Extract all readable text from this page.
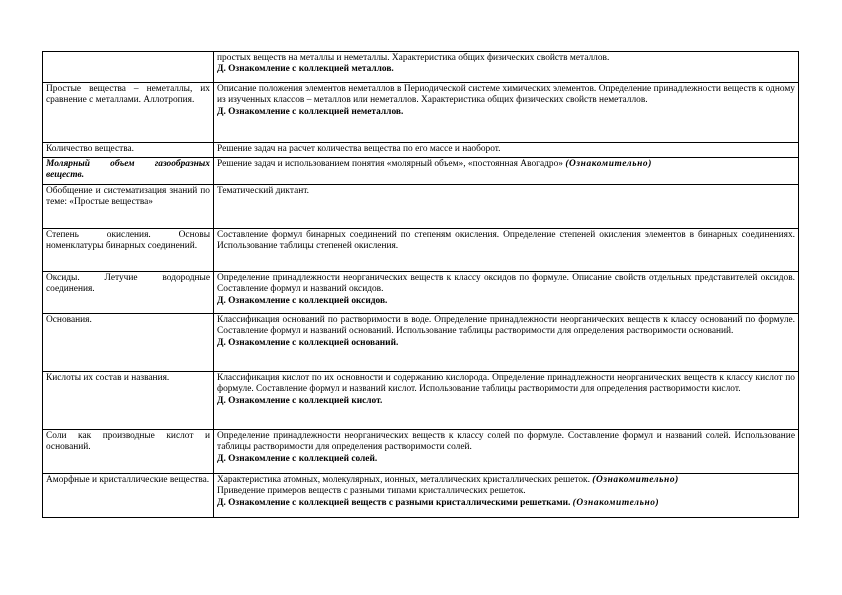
	простых веществ на металлы и неметаллы. Характеристика общих физических свойств металлов.
Д. Ознакомление с коллекцией металлов.

Простые вещества – неметаллы, их сравнение с металлами. Аллотропия.	Описание положения элементов неметаллов в Периодической системе химических элементов. Определение принадлежности веществ к одному из изученных классов – металлов или неметаллов. Характеристика общих физических свойств неметаллов.
Д. Ознакомление с коллекцией неметаллов.

Количество вещества.	Решение задач на расчет количества вещества по его массе и наоборот.

Молярный объем газообразных веществ.	Решение задач и использованием понятия «молярный объем», «постоянная Авогадро» (Ознакомительно)
Обобщение и систематизация знаний по теме: «Простые вещества»	Тематический диктант.

Степень окисления. Основы номенклатуры бинарных соединений.	Составление формул бинарных соединений по степеням окисления. Определение степеней окисления элементов в бинарных соединениях. Использование таблицы степеней окисления.

Оксиды. Летучие водородные соединения.	Определение принадлежности неорганических веществ к классу оксидов по формуле. Описание свойств отдельных представителей оксидов. Составление формул и названий оксидов.
Д. Ознакомление с коллекцией оксидов.

Основания.	Классификация оснований по растворимости в воде. Определение принадлежности неорганических веществ к классу оснований по формуле. Составление формул и названий оснований. Использование таблицы растворимости для определения растворимости оснований.
Д. Ознакомление с коллекцией оснований.

Кислоты их состав и названия.	Классификация кислот по их основности и содержанию кислорода. Определение принадлежности неорганических веществ к классу кислот по формуле. Составление формул и названий кислот. Использование таблицы растворимости для определения растворимости кислот.
Д. Ознакомление с коллекцией кислот.

Соли как производные кислот и оснований.	Определение принадлежности неорганических веществ к классу солей по формуле. Составление формул и названий солей. Использование таблицы растворимости для определения растворимости солей.
Д. Ознакомление с коллекцией солей.

Аморфные и кристаллические вещества.	Характеристика атомных, молекулярных, ионных, металлических кристаллических решеток. (Ознакомительно)
Приведение примеров веществ с разными типами кристаллических решеток.
Д. Ознакомление с коллекцией веществ с разными кристаллическими решетками. (Ознакомительно)
